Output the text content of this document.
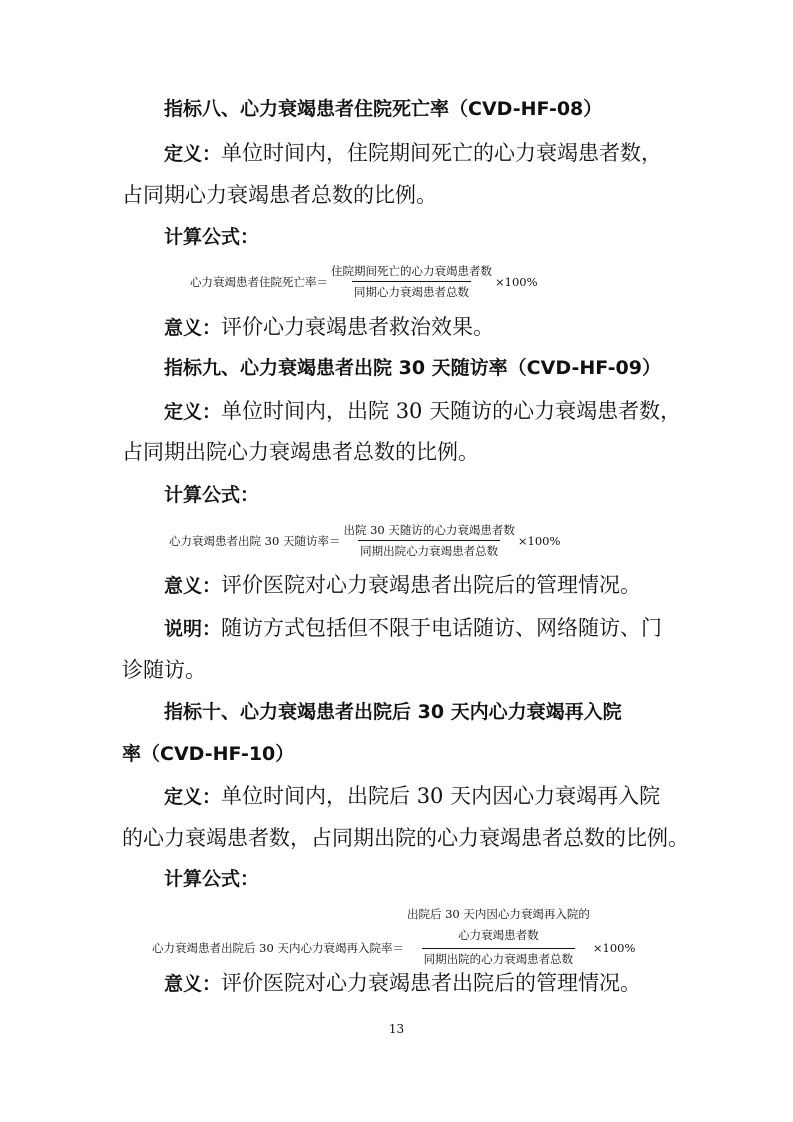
指标八、心力衰竭患者住院死亡率（CVD-HF-08）
定义：单位时间内，住院期间死亡的心力衰竭患者数，
占同期心力衰竭患者总数的比例。
计算公式：
心力衰竭患者住院死亡率＝ $\frac{\text{住院期间死亡的心力衰竭患者数}}{\text{同期心力衰竭患者总数}} \times 100\%$
意义：评价心力衰竭患者救治效果。
指标九、心力衰竭患者出院 30 天随访率（CVD-HF-09）
定义：单位时间内，出院 30 天随访的心力衰竭患者数，
占同期出院心力衰竭患者总数的比例。
计算公式：
心力衰竭患者出院 30 天随访率＝ $\frac{\text{出院 30 天随访的心力衰竭患者数}}{\text{同期出院心力衰竭患者总数}} \times 100\%$
意义：评价医院对心力衰竭患者出院后的管理情况。
说明：随访方式包括但不限于电话随访、网络随访、门
诊随访。
指标十、心力衰竭患者出院后 30 天内心力衰竭再入院
率（CVD-HF-10）
定义：单位时间内，出院后 30 天内因心力衰竭再入院
的心力衰竭患者数，占同期出院的心力衰竭患者总数的比例。
计算公式：
心力衰竭患者出院后 30 天内心力衰竭再入院率＝ 出院后 30 天内因心力衰竭再入院的
心力衰竭患者数
同期出院的心力衰竭患者总数 ×100%
意义：评价医院对心力衰竭患者出院后的管理情况。
13
